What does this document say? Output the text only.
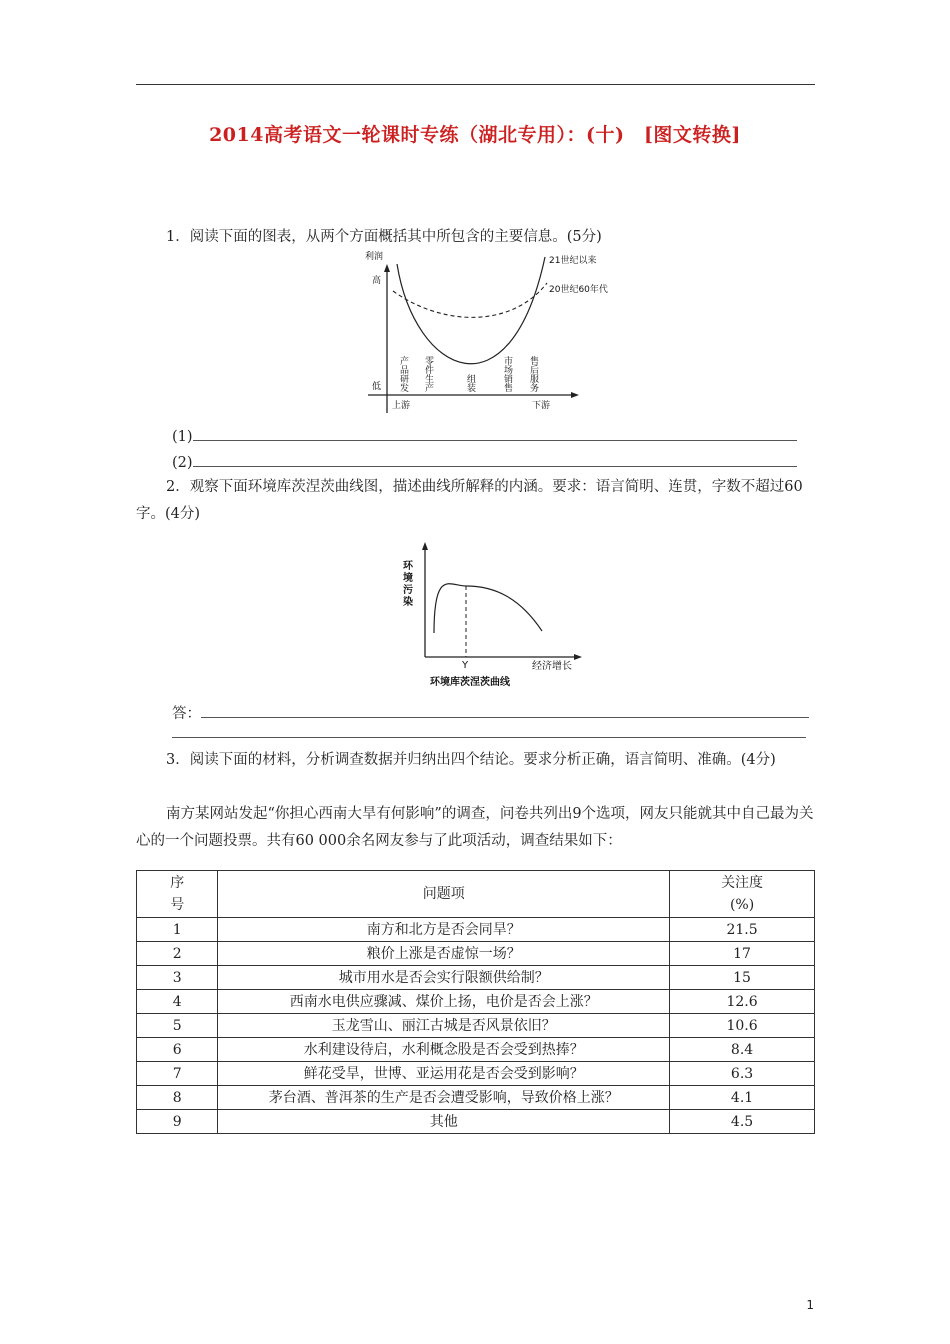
2014高考语文一轮课时专练（湖北专用）：(十)　[图文转换]
1．阅读下面的图表，从两个方面概括其中所包含的主要信息。(5分)
利润
高
低
上游	下游
21世纪以来
20世纪60年代
产品研发 零件生产	组装	市场销售 售后服务
(1)
(2)
2．观察下面环境库茨涅茨曲线图，描述曲线所解释的内涵。要求：语言简明、连贯，字数不超过60字。(4分)
环境污染
Y	经济增长
环境库茨涅茨曲线
答：
3．阅读下面的材料，分析调查数据并归纳出四个结论。要求分析正确，语言简明、准确。(4分)
南方某网站发起“你担心西南大旱有何影响”的调查，问卷共列出9个选项，网友只能就其中自己最为关心的一个问题投票。共有60 000余名网友参与了此项活动，调查结果如下：
序号	问题项	关注度(%)
1	南方和北方是否会同旱？	21.5
2	粮价上涨是否虚惊一场？	17
3	城市用水是否会实行限额供给制？	15
4	西南水电供应骤减、煤价上扬，电价是否会上涨？	12.6
5	玉龙雪山、丽江古城是否风景依旧？	10.6
6	水利建设待启，水利概念股是否会受到热捧？	8.4
7	鲜花受旱，世博、亚运用花是否会受到影响？	6.3
8	茅台酒、普洱茶的生产是否会遭受影响，导致价格上涨？	4.1
9	其他	4.5
1
